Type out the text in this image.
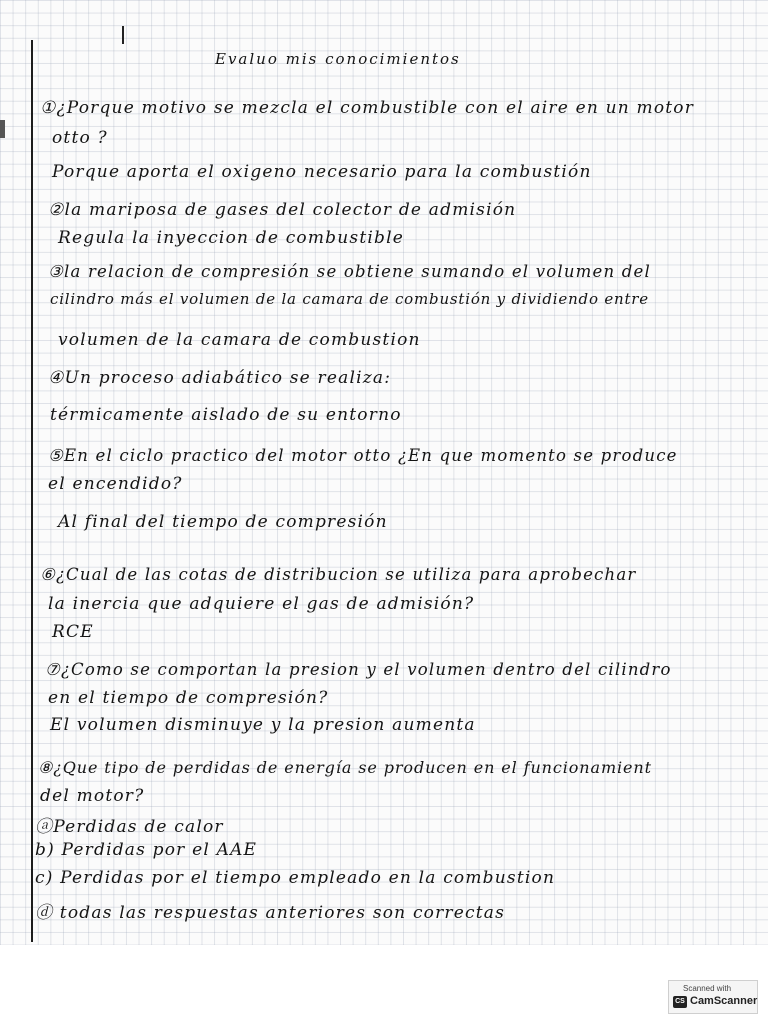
Evaluo mis conocimientos
①¿Porque motivo se mezcla el combustible con el aire en un motor
otto ?
Porque aporta el oxigeno necesario para la combustión
②la mariposa de gases del colector de admisión
Regula la inyeccion de combustible
③la relacion de compresión se obtiene sumando el volumen del
cilindro más el volumen de la camara de combustión y dividiendo entre
volumen de la camara de combustion
④Un proceso adiabático se realiza:
térmicamente aislado de su entorno
⑤En el ciclo practico del motor otto ¿En que momento se produce
el encendido?
Al final del tiempo de compresión
⑥¿Cual de las cotas de distribucion se utiliza para aprobechar
la inercia que adquiere el gas de admisión?
RCE
⑦¿Como se comportan la presion y el volumen dentro del cilindro
en el tiempo de compresión?
El volumen disminuye y la presion aumenta
⑧¿Que tipo de perdidas de energía se producen en el funcionamient
del motor?
ⓐPerdidas de calor
b) Perdidas por el AAE
c) Perdidas por el tiempo empleado en la combustion
ⓓ todas las respuestas anteriores son correctas
Scanned with
CS CamScanner
